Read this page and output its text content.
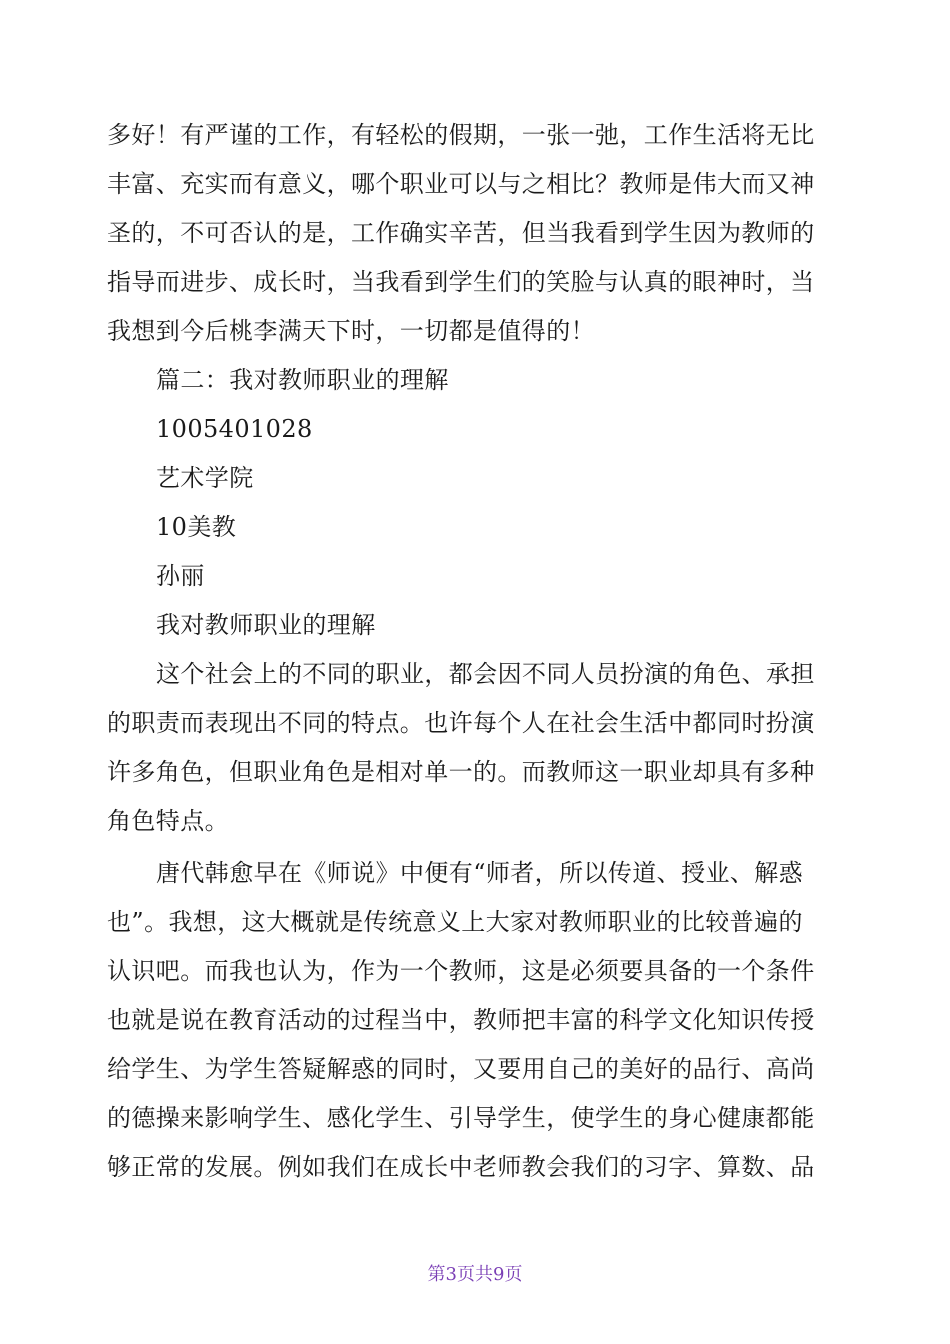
多好！有严谨的工作，有轻松的假期，一张一弛，工作生活将无比
丰富、充实而有意义，哪个职业可以与之相比？教师是伟大而又神
圣的，不可否认的是，工作确实辛苦，但当我看到学生因为教师的
指导而进步、成长时，当我看到学生们的笑脸与认真的眼神时，当
我想到今后桃李满天下时，一切都是值得的！
篇二：我对教师职业的理解
1005401028
艺术学院
10美教
孙丽
我对教师职业的理解
这个社会上的不同的职业，都会因不同人员扮演的角色、承担
的职责而表现出不同的特点。也许每个人在社会生活中都同时扮演
许多角色，但职业角色是相对单一的。而教师这一职业却具有多种
角色特点。
唐代韩愈早在《师说》中便有“师者，所以传道、授业、解惑
也”。我想，这大概就是传统意义上大家对教师职业的比较普遍的
认识吧。而我也认为，作为一个教师，这是必须要具备的一个条件
也就是说在教育活动的过程当中，教师把丰富的科学文化知识传授
给学生、为学生答疑解惑的同时，又要用自己的美好的品行、高尚
的德操来影响学生、感化学生、引导学生，使学生的身心健康都能
够正常的发展。例如我们在成长中老师教会我们的习字、算数、品
第3页共9页
